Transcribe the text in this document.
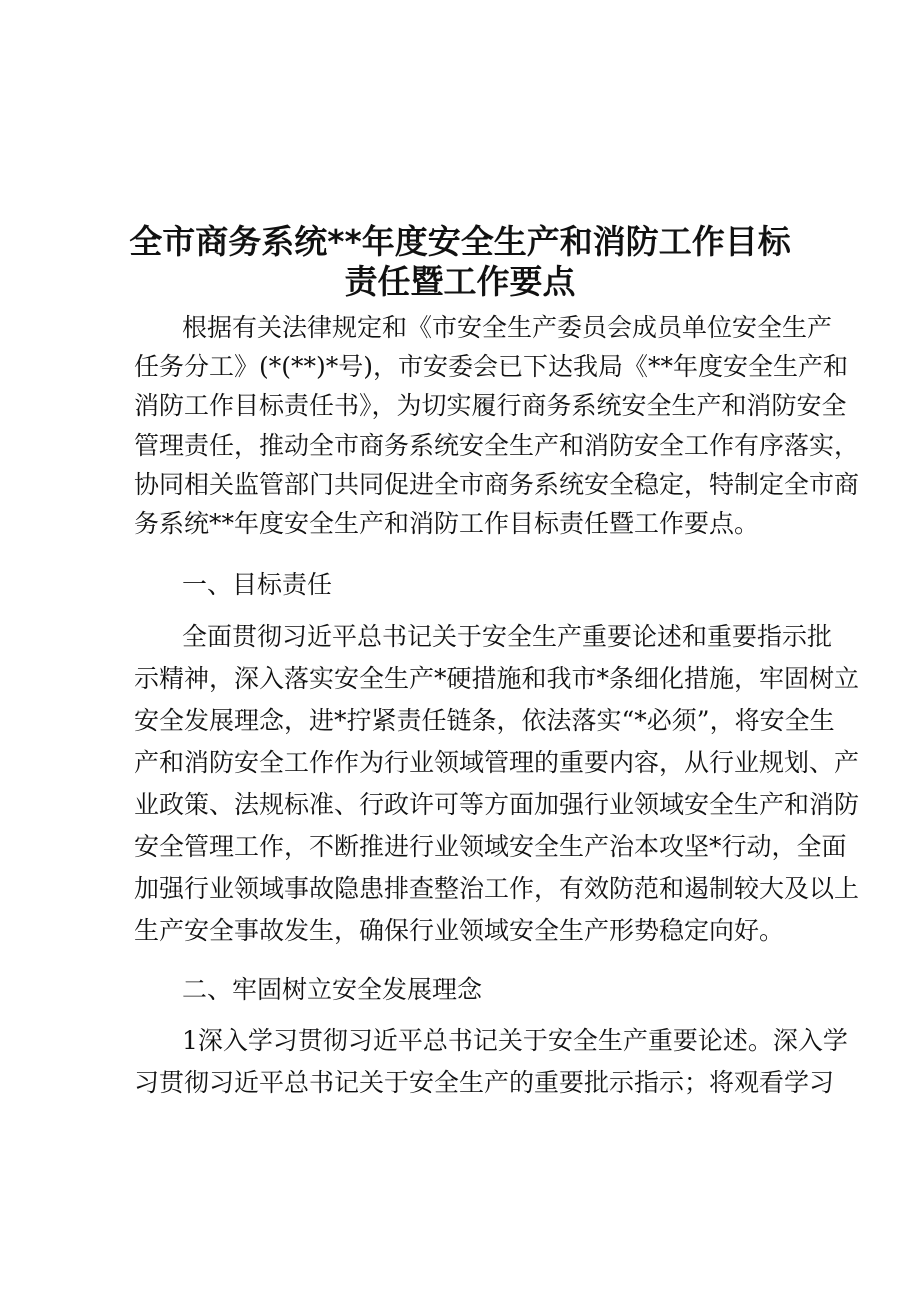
全市商务系统**年度安全生产和消防工作目标
责任暨工作要点
根据有关法律规定和《市安全生产委员会成员单位安全生产
任务分工》(*(**)*号)，市安委会已下达我局《**年度安全生产和
消防工作目标责任书》，为切实履行商务系统安全生产和消防安全
管理责任，推动全市商务系统安全生产和消防安全工作有序落实，
协同相关监管部门共同促进全市商务系统安全稳定，特制定全市商
务系统**年度安全生产和消防工作目标责任暨工作要点。
一、目标责任
全面贯彻习近平总书记关于安全生产重要论述和重要指示批
示精神，深入落实安全生产*硬措施和我市*条细化措施，牢固树立
安全发展理念，进*拧紧责任链条，依法落实“*必须”，将安全生
产和消防安全工作作为行业领域管理的重要内容，从行业规划、产
业政策、法规标准、行政许可等方面加强行业领域安全生产和消防
安全管理工作，不断推进行业领域安全生产治本攻坚*行动，全面
加强行业领域事故隐患排查整治工作，有效防范和遏制较大及以上
生产安全事故发生，确保行业领域安全生产形势稳定向好。
二、牢固树立安全发展理念
1深入学习贯彻习近平总书记关于安全生产重要论述。深入学
习贯彻习近平总书记关于安全生产的重要批示指示；将观看学习
